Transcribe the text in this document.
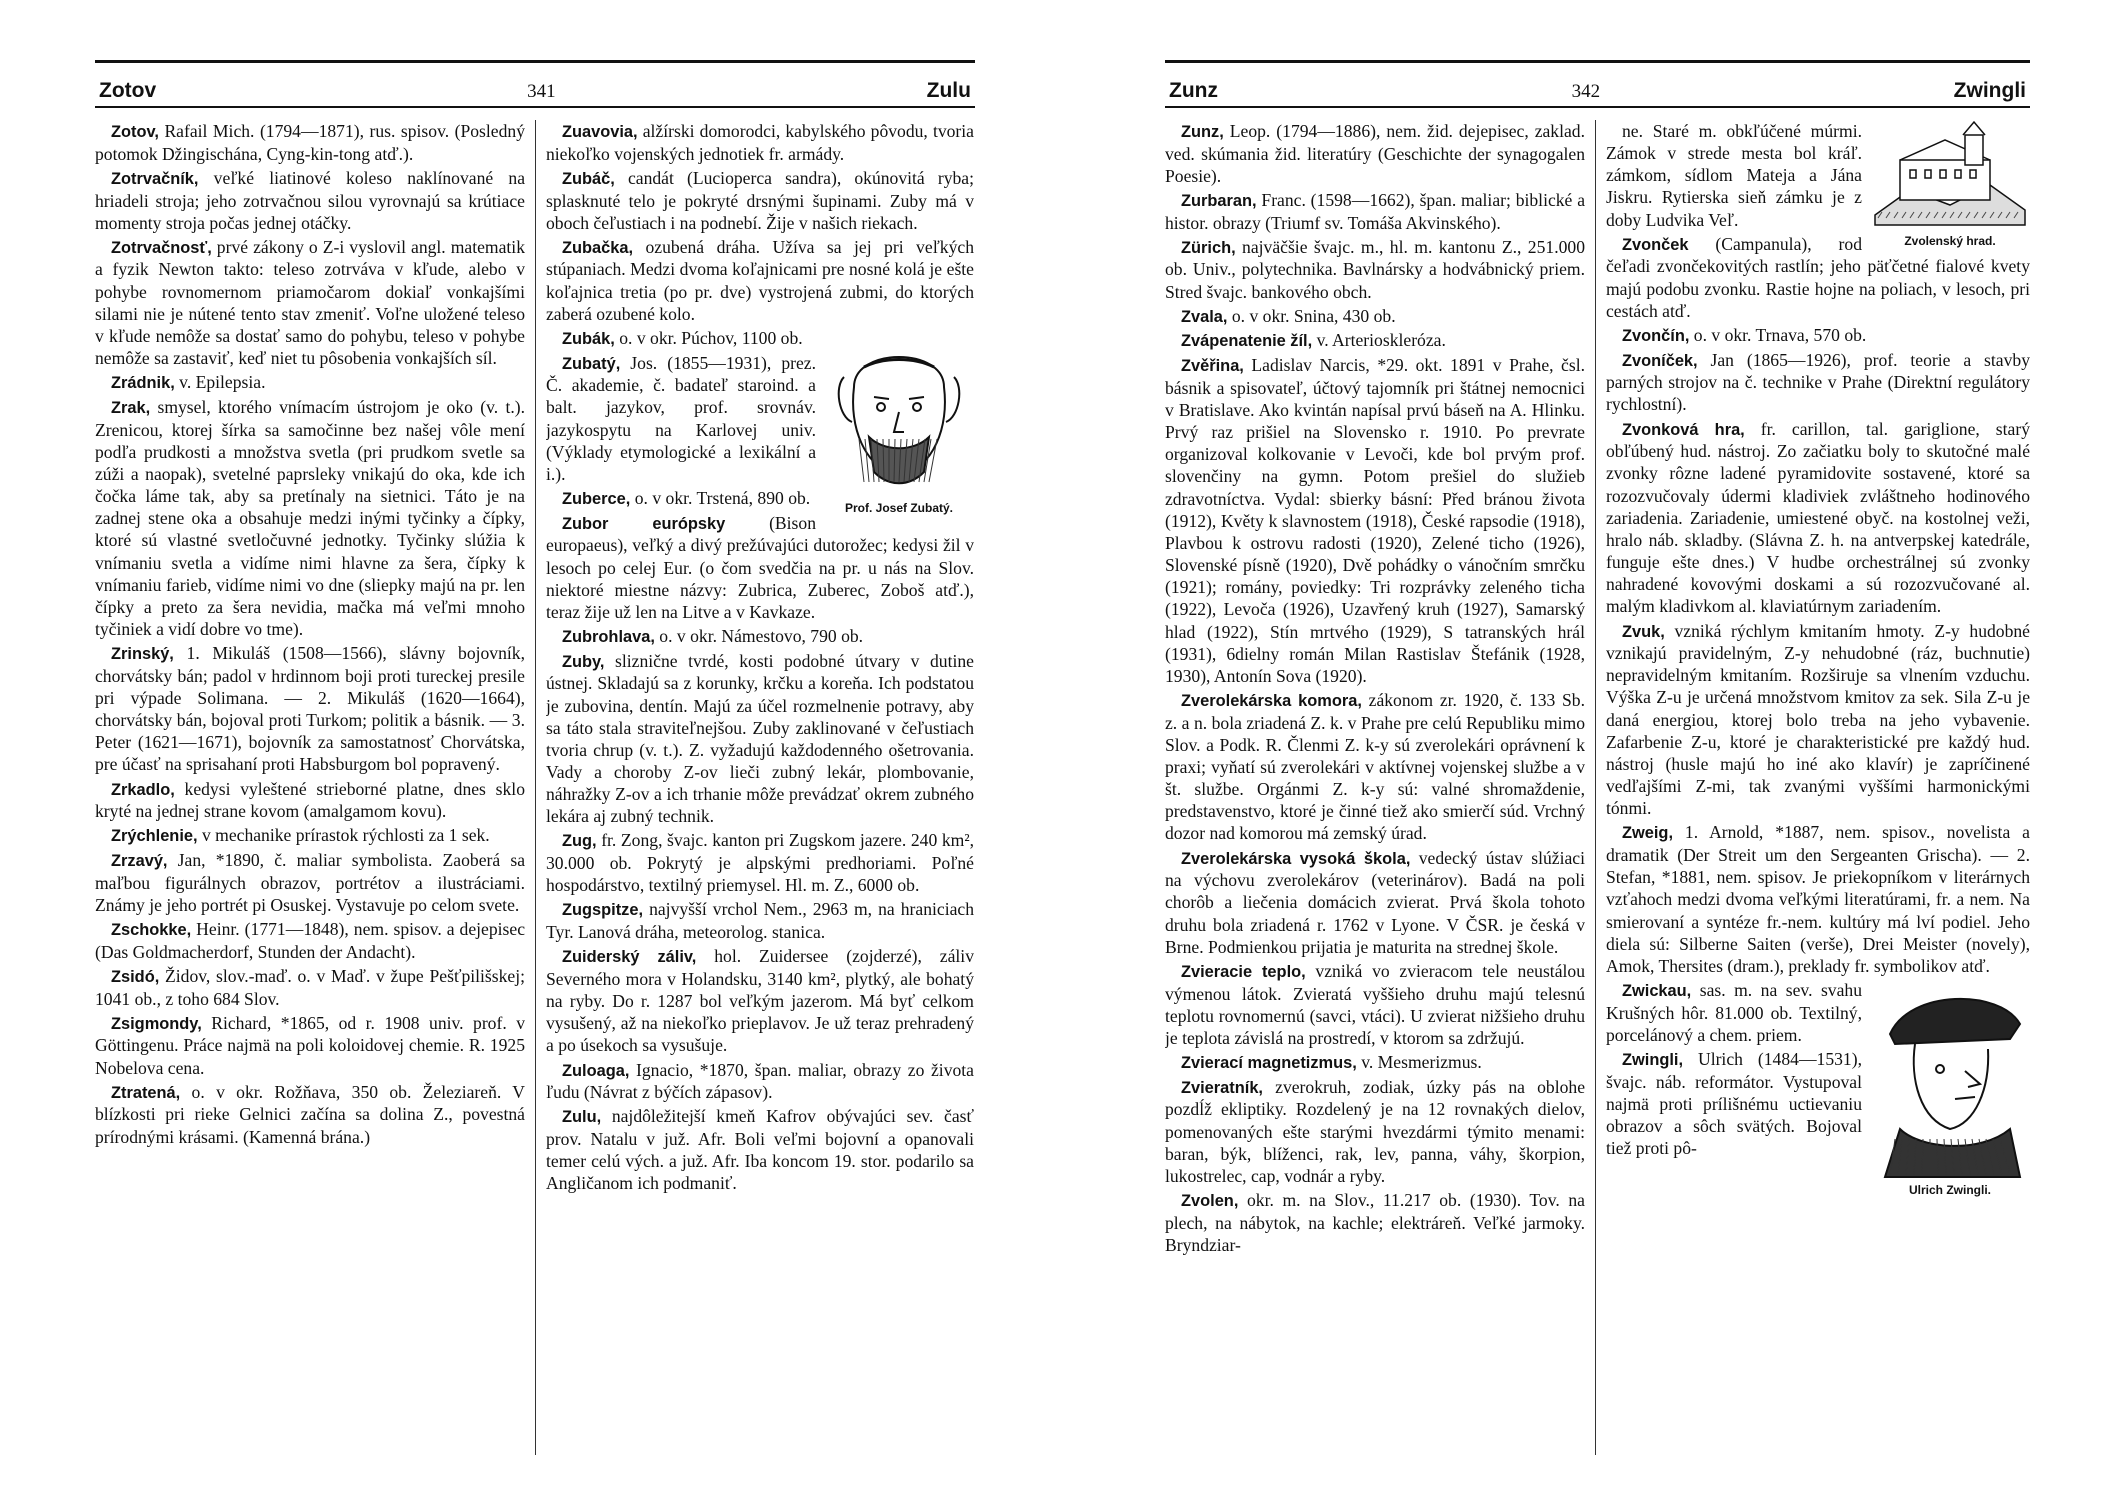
Zotov	341	Zulu

Zotov, Rafail Mich. (1794—1871), rus. spisov. (Posledný potomok Džingischána, Cyng-kin-tong atď.).

Zotrvačník, veľké liatinové koleso naklínované na hriadeli stroja; jeho zotrvačnou silou vyrovnajú sa krútiace momenty stroja počas jednej otáčky.

Zotrvačnosť, prvé zákony o Z-i vyslovil angl. matematik a fyzik Newton takto: teleso zotrváva v kľude, alebo v pohybe rovnomernom priamočarom dokiaľ vonkajšími silami nie je nútené tento stav zmeniť. Voľne uložené teleso v kľude nemôže sa dostať samo do pohybu, teleso v pohybe nemôže sa zastaviť, keď niet tu pôsobenia vonkajších síl.

Zrádnik, v. Epilepsia.

Zrak, smysel, ktorého vnímacím ústrojom je oko (v. t.). Zrenicou, ktorej šírka sa samočinne bez našej vôle mení podľa prudkosti a množstva svetla (pri prudkom svetle sa zúži a naopak), svetelné paprsleky vnikajú do oka, kde ich čočka láme tak, aby sa pretínaly na sietnici. Táto je na zadnej stene oka a obsahuje medzi inými tyčinky a čípky, ktoré sú vlastné svetločuvné jednotky. Tyčinky slúžia k vnímaniu svetla a vidíme nimi hlavne za šera, čípky k vnímaniu farieb, vidíme nimi vo dne (sliepky majú na pr. len čípky a preto za šera nevidia, mačka má veľmi mnoho tyčiniek a vidí dobre vo tme).

Zrinský, 1. Mikuláš (1508—1566), slávny bojovník, chorvátsky bán; padol v hrdinnom boji proti tureckej presile pri výpade Solimana. — 2. Mikuláš (1620—1664), chorvátsky bán, bojoval proti Turkom; politik a básnik. — 3. Peter (1621—1671), bojovník za samostatnosť Chorvátska, pre účasť na sprisahaní proti Habsburgom bol popravený.

Zrkadlo, kedysi vyleštené strieborné platne, dnes sklo kryté na jednej strane kovom (amalgamom kovu).

Zrýchlenie, v mechanike prírastok rýchlosti za 1 sek.

Zrzavý, Jan, *1890, č. maliar symbolista. Zaoberá sa maľbou figurálnych obrazov, portrétov a ilustráciami. Známy je jeho portrét pi Osuskej. Vystavuje po celom svete.

Zschokke, Heinr. (1771—1848), nem. spisov. a dejepisec (Das Goldmacherdorf, Stunden der Andacht).

Zsidó, Židov, slov.-maď. o. v Maď. v župe Pešťpilišskej; 1041 ob., z toho 684 Slov.

Zsigmondy, Richard, *1865, od r. 1908 univ. prof. v Göttingenu. Práce najmä na poli koloidovej chemie. R. 1925 Nobelova cena.

Ztratená, o. v okr. Rožňava, 350 ob. Železiareň. V blízkosti pri rieke Gelnici začína sa dolina Z., povestná prírodnými krásami. (Kamenná brána.)

Zuavovia, alžírski domorodci, kabylského pôvodu, tvoria niekoľko vojenských jednotiek fr. armády.

Zubáč, candát (Lucioperca sandra), okúnovitá ryba; splasknuté telo je pokryté drsnými šupinami. Zuby má v oboch čeľustiach i na podnebí. Žije v našich riekach.

Zubačka, ozubená dráha. Užíva sa jej pri veľkých stúpaniach. Medzi dvoma koľajnicami pre nosné kolá je ešte koľajnica tretia (po pr. dve) vystrojená zubmi, do ktorých zaberá ozubené kolo.

Prof. Josef Zubatý.

Zubák, o. v okr. Púchov, 1100 ob.

Zubatý, Jos. (1855—1931), prez. Č. akademie, č. badateľ staroind. a balt. jazykov, prof. srovnáv. jazykospytu na Karlovej univ. (Výklady etymologické a lexikální a i.).

Zuberce, o. v okr. Trstená, 890 ob.

Zubor európsky (Bison europaeus), veľký a divý prežúvajúci dutorožec; kedysi žil v lesoch po celej Eur. (o čom svedčia na pr. u nás na Slov. niektoré miestne názvy: Zubrica, Zuberec, Zoboš atď.), teraz žije už len na Litve a v Kavkaze.

Zubrohlava, o. v okr. Námestovo, 790 ob.

Zuby, sliznične tvrdé, kosti podobné útvary v dutine ústnej. Skladajú sa z korunky, krčku a koreňa. Ich podstatou je zubovina, dentín. Majú za účel rozmelnenie potravy, aby sa táto stala straviteľnejšou. Zuby zaklinované v čeľustiach tvoria chrup (v. t.). Z. vyžadujú každodenného ošetrovania. Vady a choroby Z-ov lieči zubný lekár, plombovanie, náhražky Z-ov a ich trhanie môže prevádzať okrem zubného lekára aj zubný technik.

Zug, fr. Zong, švajc. kanton pri Zugskom jazere. 240 km², 30.000 ob. Pokrytý je alpskými predhoriami. Poľné hospodárstvo, textilný priemysel. Hl. m. Z., 6000 ob.

Zugspitze, najvyšší vrchol Nem., 2963 m, na hraniciach Tyr. Lanová dráha, meteorolog. stanica.

Zuiderský záliv, hol. Zuidersee (zojderzé), záliv Severného mora v Holandsku, 3140 km², plytký, ale bohatý na ryby. Do r. 1287 bol veľkým jazerom. Má byť celkom vysušený, až na niekoľko prieplavov. Je už teraz prehradený a po úsekoch sa vysušuje.

Zuloaga, Ignacio, *1870, špan. maliar, obrazy zo života ľudu (Návrat z býčích zápasov).

Zulu, najdôležitejší kmeň Kafrov obývajúci sev. časť prov. Natalu v juž. Afr. Boli veľmi bojovní a opanovali temer celú vých. a juž. Afr. Iba koncom 19. stor. podarilo sa Angličanom ich podmaniť.

Zunz	342	Zwingli

Zunz, Leop. (1794—1886), nem. žid. dejepisec, zaklad. ved. skúmania žid. literatúry (Geschichte der synagogalen Poesie).

Zurbaran, Franc. (1598—1662), špan. maliar; biblické a histor. obrazy (Triumf sv. Tomáša Akvinského).

Zürich, najväčšie švajc. m., hl. m. kantonu Z., 251.000 ob. Univ., polytechnika. Bavlnársky a hodvábnický priem. Stred švajc. bankového obch.

Zvala, o. v okr. Snina, 430 ob.

Zvápenatenie žíl, v. Arterioskleróza.

Zvěřina, Ladislav Narcis, *29. okt. 1891 v Prahe, čsl. básnik a spisovateľ, účtový tajomník pri štátnej nemocnici v Bratislave. Ako kvintán napísal prvú báseň na A. Hlinku. Prvý raz prišiel na Slovensko r. 1910. Po prevrate organizoval kolkovanie v Levoči, kde bol prvým prof. slovenčiny na gymn. Potom prešiel do služieb zdravotníctva. Vydal: sbierky básní: Před bránou života (1912), Květy k slavnostem (1918), České rapsodie (1918), Plavbou k ostrovu radosti (1920), Zelené ticho (1926), Slovenské písně (1920), Dvě pohádky o vánočním smrčku (1921); romány, poviedky: Tri rozprávky zeleného ticha (1922), Levoča (1926), Uzavřený kruh (1927), Samarský hlad (1922), Stín mrtvého (1929), S tatranských hrál (1931), 6dielny román Milan Rastislav Štefánik (1928, 1930), Antonín Sova (1920).

Zverolekárska komora, zákonom zr. 1920, č. 133 Sb. z. a n. bola zriadená Z. k. v Prahe pre celú Republiku mimo Slov. a Podk. R. Členmi Z. k-y sú zverolekári oprávnení k praxi; vyňatí sú zverolekári v aktívnej vojenskej službe a v št. službe. Orgánmi Z. k-y sú: valné shromaždenie, predstavenstvo, ktoré je činné tiež ako smierčí súd. Vrchný dozor nad komorou má zemský úrad.

Zverolekárska vysoká škola, vedecký ústav slúžiaci na výchovu zverolekárov (veterinárov). Badá na poli chorôb a liečenia domácich zvierat. Prvá škola tohoto druhu bola zriadená r. 1762 v Lyone. V ČSR. je česká v Brne. Podmienkou prijatia je maturita na strednej škole.

Zvieracie teplo, vzniká vo zvieracom tele neustálou výmenou látok. Zvieratá vyššieho druhu majú telesnú teplotu rovnomernú (savci, vtáci). U zvierat nižšieho druhu je teplota závislá na prostredí, v ktorom sa zdržujú.

Zvierací magnetizmus, v. Mesmerizmus.

Zvieratník, zverokruh, zodiak, úzky pás na oblohe pozdĺž ekliptiky. Rozdelený je na 12 rovnakých dielov, pomenovaných ešte starými hvezdármi týmito menami: baran, býk, blíženci, rak, lev, panna, váhy, škorpion, lukostrelec, cap, vodnár a ryby.

Zvolen, okr. m. na Slov., 11.217 ob. (1930). Tov. na plech, na nábytok, na kachle; elektráreň. Veľké jarmoky. Bryndziar-

Zvolenský hrad.

ne. Staré m. obkľúčené múrmi. Zámok v strede mesta bol kráľ. zámkom, sídlom Mateja a Jána Jiskru. Rytierska sieň zámku je z doby Ludvika Veľ.

Zvonček (Campanula), rod čeľadi zvončekovitých rastlín; jeho päťčetné fialové kvety majú podobu zvonku. Rastie hojne na poliach, v lesoch, pri cestách atď.

Zvončín, o. v okr. Trnava, 570 ob.

Zvoníček, Jan (1865—1926), prof. teorie a stavby parných strojov na č. technike v Prahe (Direktní regulátory rychlostní).

Zvonková hra, fr. carillon, tal. gariglione, starý obľúbený hud. nástroj. Zo začiatku boly to skutočné malé zvonky rôzne ladené pyramidovite sostavené, ktoré sa rozozvučovaly údermi kladiviek zvláštneho hodinového zariadenia. Zariadenie, umiestené obyč. na kostolnej veži, hralo náb. skladby. (Slávna Z. h. na antverpskej katedrále, funguje ešte dnes.) V hudbe orchestrálnej sú zvonky nahradené kovovými doskami a sú rozozvučované al. malým kladivkom al. klaviatúrnym zariadením.

Zvuk, vzniká rýchlym kmitaním hmoty. Z-y hudobné vznikajú pravidelným, Z-y nehudobné (ráz, buchnutie) nepravidelným kmitaním. Rozširuje sa vlnením vzduchu. Výška Z-u je určená množstvom kmitov za sek. Sila Z-u je daná energiou, ktorej bolo treba na jeho vybavenie. Zafarbenie Z-u, ktoré je charakteristické pre každý hud. nástroj (husle majú ho iné ako klavír) je zapríčinené vedľajšími Z-mi, tak zvanými vyššími harmonickými tónmi.

Zweig, 1. Arnold, *1887, nem. spisov., novelista a dramatik (Der Streit um den Sergeanten Grischa). — 2. Stefan, *1881, nem. spisov. Je priekopníkom v literárnych vzťahoch medzi dvoma veľkými literatúrami, fr. a nem. Na smierovaní a syntéze fr.-nem. kultúry má lví podiel. Jeho diela sú: Silberne Saiten (verše), Drei Meister (novely), Amok, Thersites (dram.), preklady fr. symbolikov atď.

Ulrich Zwingli.

Zwickau, sas. m. na sev. svahu Krušných hôr. 81.000 ob. Textilný, porcelánový a chem. priem.

Zwingli, Ulrich (1484—1531), švajc. náb. reformátor. Vystupoval najmä proti prílišnému uctievaniu obrazov a sôch svätých. Bojoval tiež proti pô-
